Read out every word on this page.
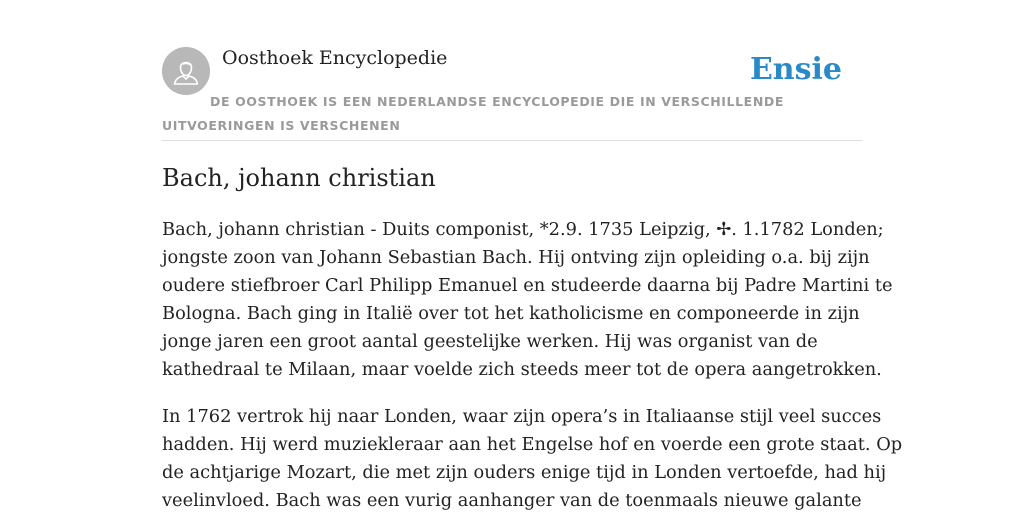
Oosthoek Encyclopedie	Ensie
DE OOSTHOEK IS EEN NEDERLANDSE ENCYCLOPEDIE DIE IN VERSCHILLENDE UITVOERINGEN IS VERSCHENEN
Bach, johann christian

Bach, johann christian - Duits componist, *2.9. 1735 Leipzig, ✢. 1.1782 Londen;
jongste zoon van Johann Sebastian Bach. Hij ontving zijn opleiding o.a. bij zijn
oudere stiefbroer Carl Philipp Emanuel en studeerde daarna bij Padre Martini te
Bologna. Bach ging in Italië over tot het katholicisme en componeerde in zijn
jonge jaren een groot aantal geestelijke werken. Hij was organist van de
kathedraal te Milaan, maar voelde zich steeds meer tot de opera aangetrokken.

In 1762 vertrok hij naar Londen, waar zijn opera’s in Italiaanse stijl veel succes
hadden. Hij werd muziekleraar aan het Engelse hof en voerde een grote staat. Op
de achtjarige Mozart, die met zijn ouders enige tijd in Londen vertoefde, had hij
veelinvloed. Bach was een vurig aanhanger van de toenmaals nieuwe galante
